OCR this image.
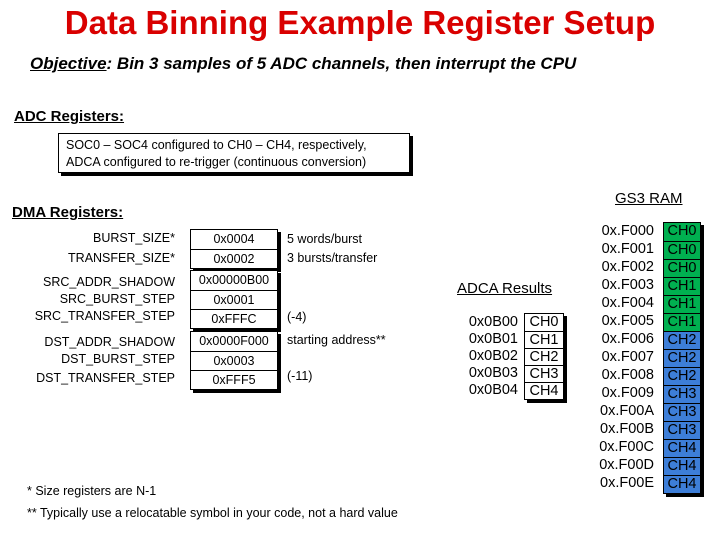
Data Binning Example Register Setup
Objective: Bin 3 samples of 5 ADC channels, then interrupt the CPU
ADC Registers:
SOC0 – SOC4 configured to CH0 – CH4, respectively,
ADCA configured to re-trigger (continuous conversion)
DMA Registers:
BURST_SIZE*
TRANSFER_SIZE*
0x0004
0x0002
5 words/burst
3 bursts/transfer
SRC_ADDR_SHADOW
SRC_BURST_STEP
SRC_TRANSFER_STEP
0x00000B00
0x0001
0xFFFC	(-4)
DST_ADDR_SHADOW
DST_BURST_STEP
DST_TRANSFER_STEP
0x0000F000
0x0003
0xFFF5
starting address**
(-11)
ADCA Results
0x0B00
0x0B01
0x0B02
0x0B03
0x0B04
CH0
CH1
CH2
CH3
CH4
GS3 RAM
0x.F000
0x.F001
0x.F002
0x.F003
0x.F004
0x.F005
0x.F006
0x.F007
0x.F008
0x.F009
0x.F00A
0x.F00B
0x.F00C
0x.F00D
0x.F00E
CH0
CH0
CH0
CH1
CH1
CH1
CH2
CH2
CH2
CH3
CH3
CH3
CH4
CH4
CH4
* Size registers are N-1
** Typically use a relocatable symbol in your code, not a hard value
